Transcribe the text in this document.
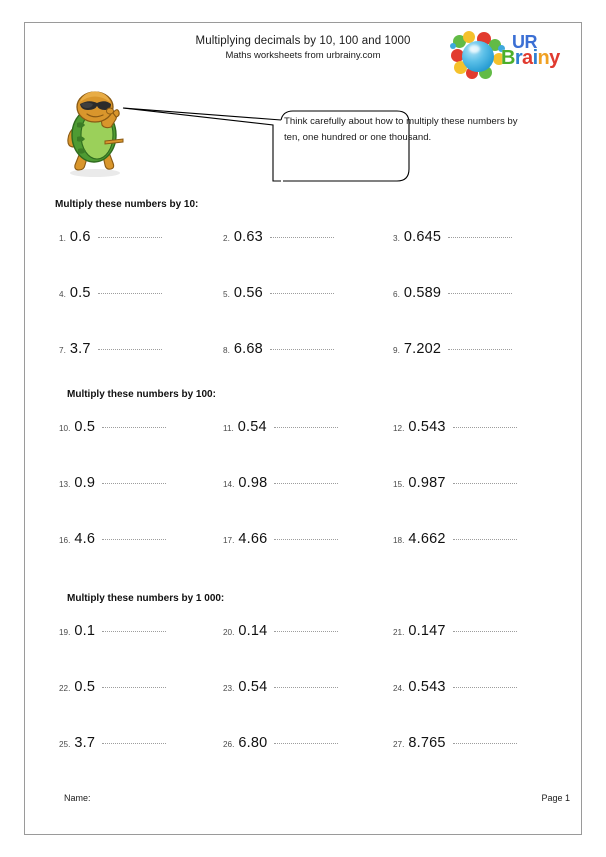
Multiplying decimals by 10, 100 and 1000
Maths worksheets from urbrainy.com
UR
Brainy
Think carefully about how to multiply these numbers by ten, one hundred or one thousand.
Multiply these numbers by 10:
1 . 0.6	2 . 0.63	3 . 0.645
4 . 0.5	5 . 0.56	6 . 0.589
7 . 3.7	8 . 6.68	9 . 7.202
Multiply these numbers by 100:
10 . 0.5	11 . 0.54	12 . 0.543
13 . 0.9	14 . 0.98	15 . 0.987
16 . 4.6	17 . 4.66	18 . 4.662
Multiply these numbers by 1 000:
19 . 0.1	20 . 0.14	21 . 0.147
22 . 0.5	23 . 0.54	24 . 0.543
25 . 3.7	26 . 6.80	27 . 8.765
Name:	Page 1
